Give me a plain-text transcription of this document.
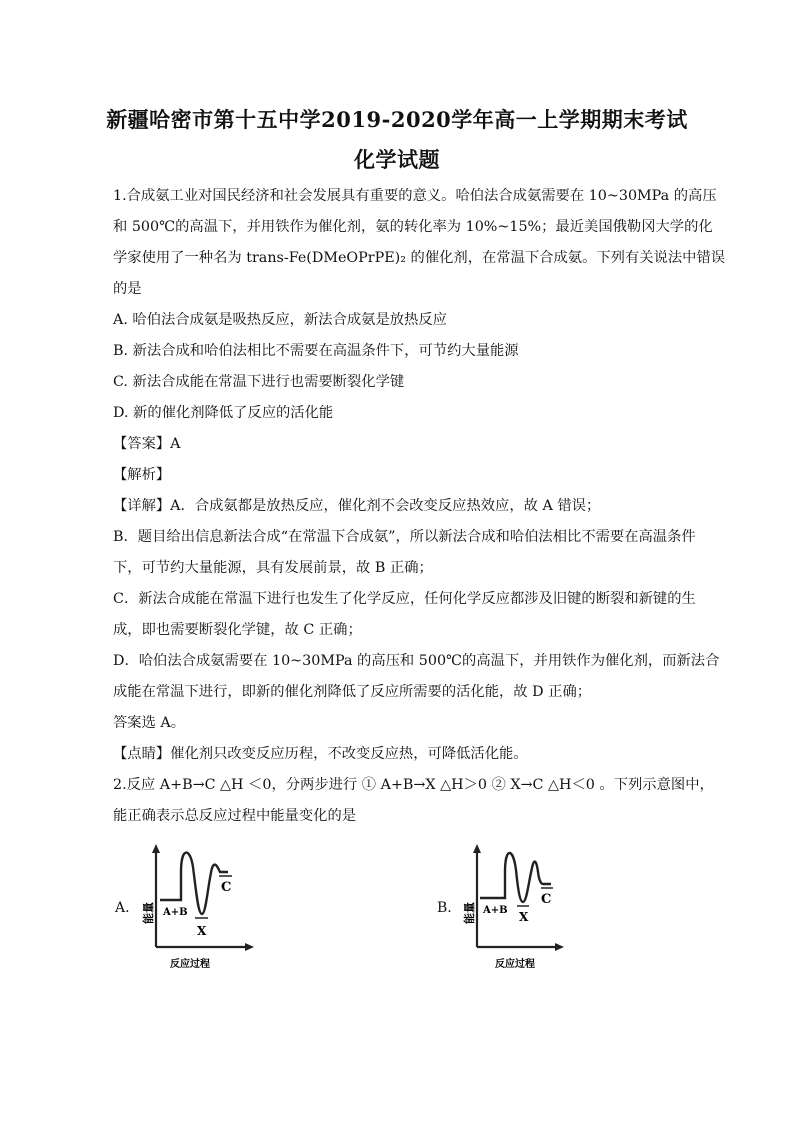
新疆哈密市第十五中学2019-2020学年高一上学期期末考试
化学试题
1.合成氨工业对国民经济和社会发展具有重要的意义。哈伯法合成氨需要在 10~30MPa 的高压
和 500℃的高温下，并用铁作为催化剂，氨的转化率为 10%~15%；最近美国俄勒冈大学的化
学家使用了一种名为 trans-Fe(DMeOPrPE)₂ 的催化剂，在常温下合成氨。下列有关说法中错误
的是
A. 哈伯法合成氨是吸热反应，新法合成氨是放热反应
B. 新法合成和哈伯法相比不需要在高温条件下，可节约大量能源
C. 新法合成能在常温下进行也需要断裂化学键
D. 新的催化剂降低了反应的活化能
【答案】A
【解析】
【详解】A．合成氨都是放热反应，催化剂不会改变反应热效应，故 A 错误；
B．题目给出信息新法合成“在常温下合成氨”，所以新法合成和哈伯法相比不需要在高温条件
下，可节约大量能源，具有发展前景，故 B 正确；
C．新法合成能在常温下进行也发生了化学反应，任何化学反应都涉及旧键的断裂和新键的生
成，即也需要断裂化学键，故 C 正确；
D．哈伯法合成氨需要在 10~30MPa 的高压和 500℃的高温下，并用铁作为催化剂，而新法合
成能在常温下进行，即新的催化剂降低了反应所需要的活化能，故 D 正确；
答案选 A。
【点睛】催化剂只改变反应历程，不改变反应热，可降低活化能。
2.反应 A+B→C △H ＜0，分两步进行 ① A+B→X △H＞0 ② X→C △H＜0 。下列示意图中，
能正确表示总反应过程中能量变化的是
A.	B.
能量 A+B
X
C
反应过程
能量 A+B X
C
反应过程
